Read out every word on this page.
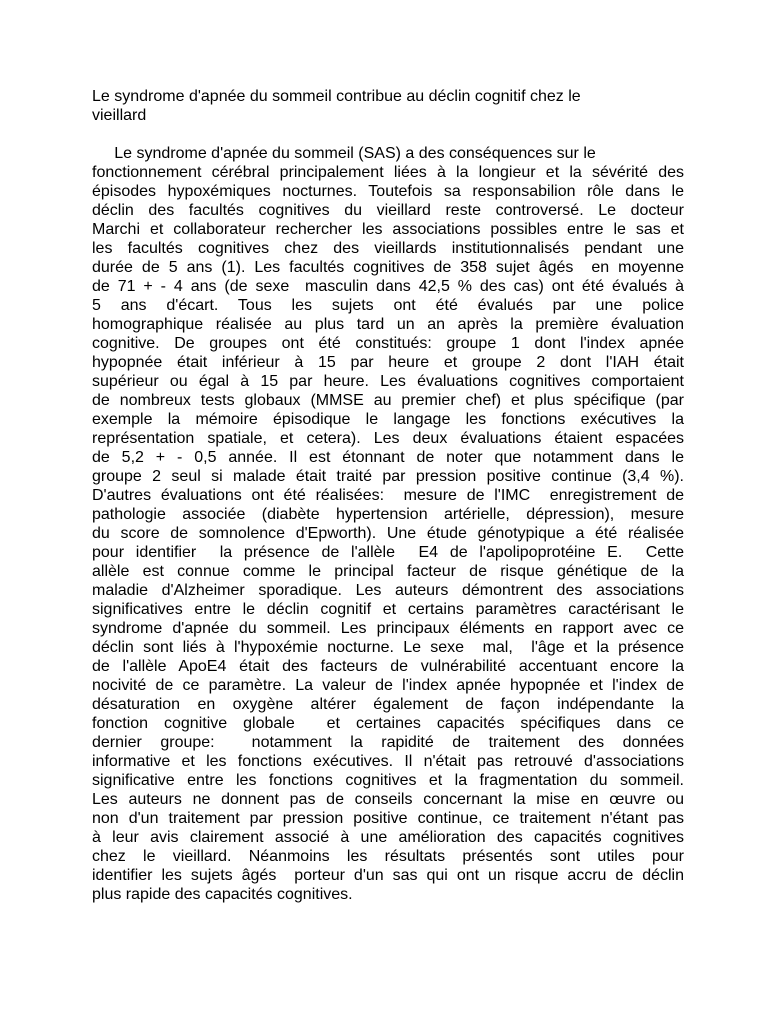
Le syndrome d'apnée du sommeil contribue au déclin cognitif chez le
vieillard
Le syndrome d'apnée du sommeil (SAS) a des conséquences sur le
fonctionnement cérébral principalement liées à la longieur et la sévérité des
épisodes hypoxémiques nocturnes. Toutefois sa responsabilion rôle dans le
déclin des facultés cognitives du vieillard reste controversé. Le docteur
Marchi et collaborateur rechercher les associations possibles entre le sas et
les facultés cognitives chez des vieillards institutionnalisés pendant une
durée de 5 ans (1). Les facultés cognitives de 358 sujet âgés  en moyenne
de 71 + - 4 ans (de sexe  masculin dans 42,5 % des cas) ont été évalués à
5 ans d'écart. Tous les sujets ont été évalués par une police
homographique réalisée au plus tard un an après la première évaluation
cognitive. De groupes ont été constitués: groupe 1 dont l'index apnée
hypopnée était inférieur à 15 par heure et groupe 2 dont l'IAH était
supérieur ou égal à 15 par heure. Les évaluations cognitives comportaient
de nombreux tests globaux (MMSE au premier chef) et plus spécifique (par
exemple la mémoire épisodique le langage les fonctions exécutives la
représentation spatiale, et cetera). Les deux évaluations étaient espacées
de 5,2 + - 0,5 année. Il est étonnant de noter que notamment dans le
groupe 2 seul si malade était traité par pression positive continue (3,4 %).
D'autres évaluations ont été réalisées:  mesure de l'IMC  enregistrement de
pathologie associée (diabète hypertension artérielle, dépression), mesure
du score de somnolence d'Epworth). Une étude génotypique a été réalisée
pour identifier  la présence de l'allèle  E4 de l'apolipoprotéine E.  Cette
allèle est connue comme le principal facteur de risque génétique de la
maladie d'Alzheimer sporadique. Les auteurs démontrent des associations
significatives entre le déclin cognitif et certains paramètres caractérisant le
syndrome d'apnée du sommeil. Les principaux éléments en rapport avec ce
déclin sont liés à l'hypoxémie nocturne. Le sexe  mal,  l'âge et la présence
de l'allèle ApoE4 était des facteurs de vulnérabilité accentuant encore la
nocivité de ce paramètre. La valeur de l'index apnée hypopnée et l'index de
désaturation en oxygène altérer également de façon indépendante la
fonction cognitive globale  et certaines capacités spécifiques dans ce
dernier groupe:  notamment la rapidité de traitement des données
informative et les fonctions exécutives. Il n'était pas retrouvé d'associations
significative entre les fonctions cognitives et la fragmentation du sommeil.
Les auteurs ne donnent pas de conseils concernant la mise en œuvre ou
non d'un traitement par pression positive continue, ce traitement n'étant pas
à leur avis clairement associé à une amélioration des capacités cognitives
chez le vieillard. Néanmoins les résultats présentés sont utiles pour
identifier les sujets âgés  porteur d'un sas qui ont un risque accru de déclin
plus rapide des capacités cognitives.
